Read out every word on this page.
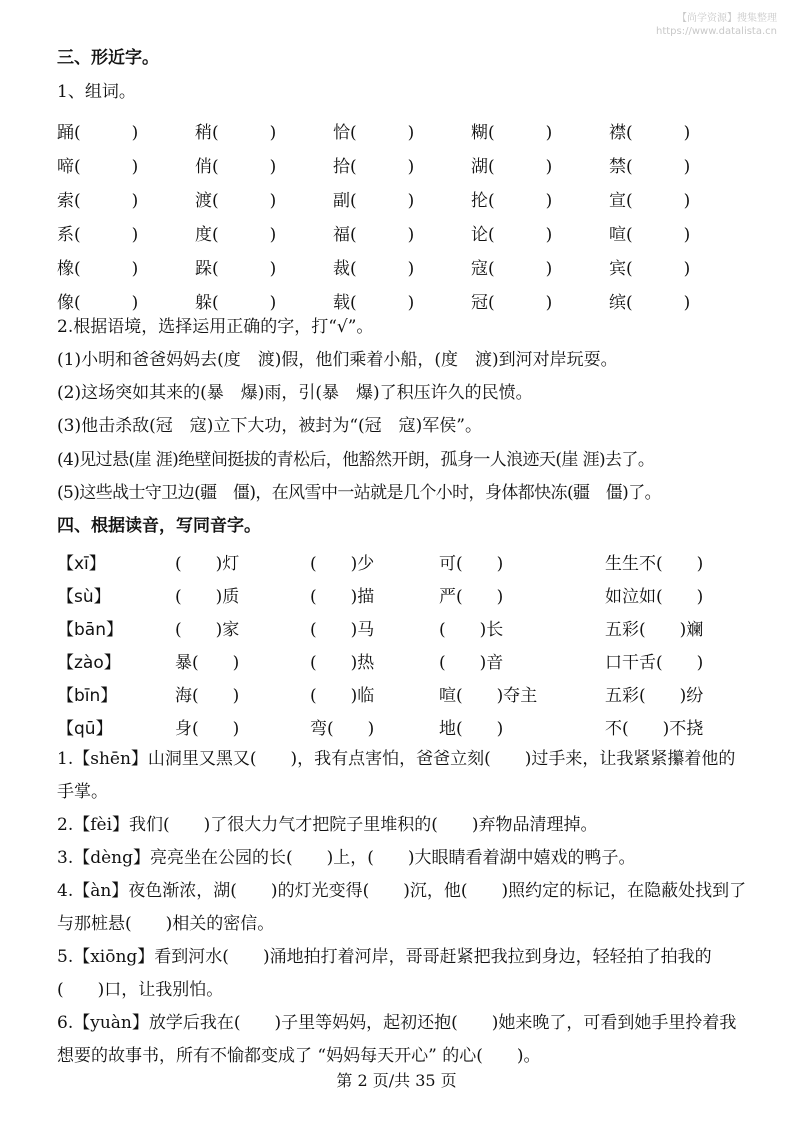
【尚学资源】搜集整理
https://www.datalista.cn
三、形近字。
1、组词。
踊(　　　)	稍(　　　)	恰(　　　)	糊(　　　)	襟(　　　)
啼(　　　)	俏(　　　)	拾(　　　)	湖(　　　)	禁(　　　)
索(　　　)	渡(　　　)	副(　　　)	抡(　　　)	宣(　　　)
系(　　　)	度(　　　)	福(　　　)	论(　　　)	喧(　　　)
橡(　　　)	跺(　　　)	裁(　　　)	寇(　　　)	宾(　　　)
像(　　　)	躲(　　　)	载(　　　)	冠(　　　)	缤(　　　)
2.根据语境，选择运用正确的字，打“√”。
(1)小明和爸爸妈妈去(度　渡)假，他们乘着小船，(度　渡)到河对岸玩耍。
(2)这场突如其来的(暴　爆)雨，引(暴　爆)了积压许久的民愤。
(3)他击杀敌(冠　寇)立下大功，被封为“(冠　寇)军侯”。
(4)见过悬(崖 涯)绝壁间挺拔的青松后，他豁然开朗，孤身一人浪迹天(崖 涯)去了。
(5)这些战士守卫边(疆　僵)，在风雪中一站就是几个小时，身体都快冻(疆　僵)了。
四、根据读音，写同音字。
【xī】	(　　)灯	(　　)少	可(　　)	生生不(　　)
【sù】	(　　)质	(　　)描	严(　　)	如泣如(　　)
【bān】	(　　)家	(　　)马	(　　)长	五彩(　　)斓
【zào】	暴(　　)	(　　)热	(　　)音	口干舌(　　)
【bīn】	海(　　)	(　　)临	喧(　　)夺主	五彩(　　)纷
【qū】	身(　　)	弯(　　)	地(　　)	不(　　)不挠
1.【shēn】山洞里又黑又(　　)，我有点害怕，爸爸立刻(　　)过手来，让我紧紧攥着他的手掌。
2.【fèi】我们(　　)了很大力气才把院子里堆积的(　　)弃物品清理掉。
3.【dèng】亮亮坐在公园的长(　　)上，(　　)大眼睛看着湖中嬉戏的鸭子。
4.【àn】夜色渐浓，湖(　　)的灯光变得(　　)沉，他(　　)照约定的标记，在隐蔽处找到了与那桩悬(　　)相关的密信。
5.【xiōng】看到河水(　　)涌地拍打着河岸，哥哥赶紧把我拉到身边，轻轻拍了拍我的(　　)口，让我别怕。
6.【yuàn】放学后我在(　　)子里等妈妈，起初还抱(　　)她来晚了，可看到她手里拎着我想要的故事书，所有不愉都变成了 “妈妈每天开心” 的心(　　)。
第 2 页/共 35 页
